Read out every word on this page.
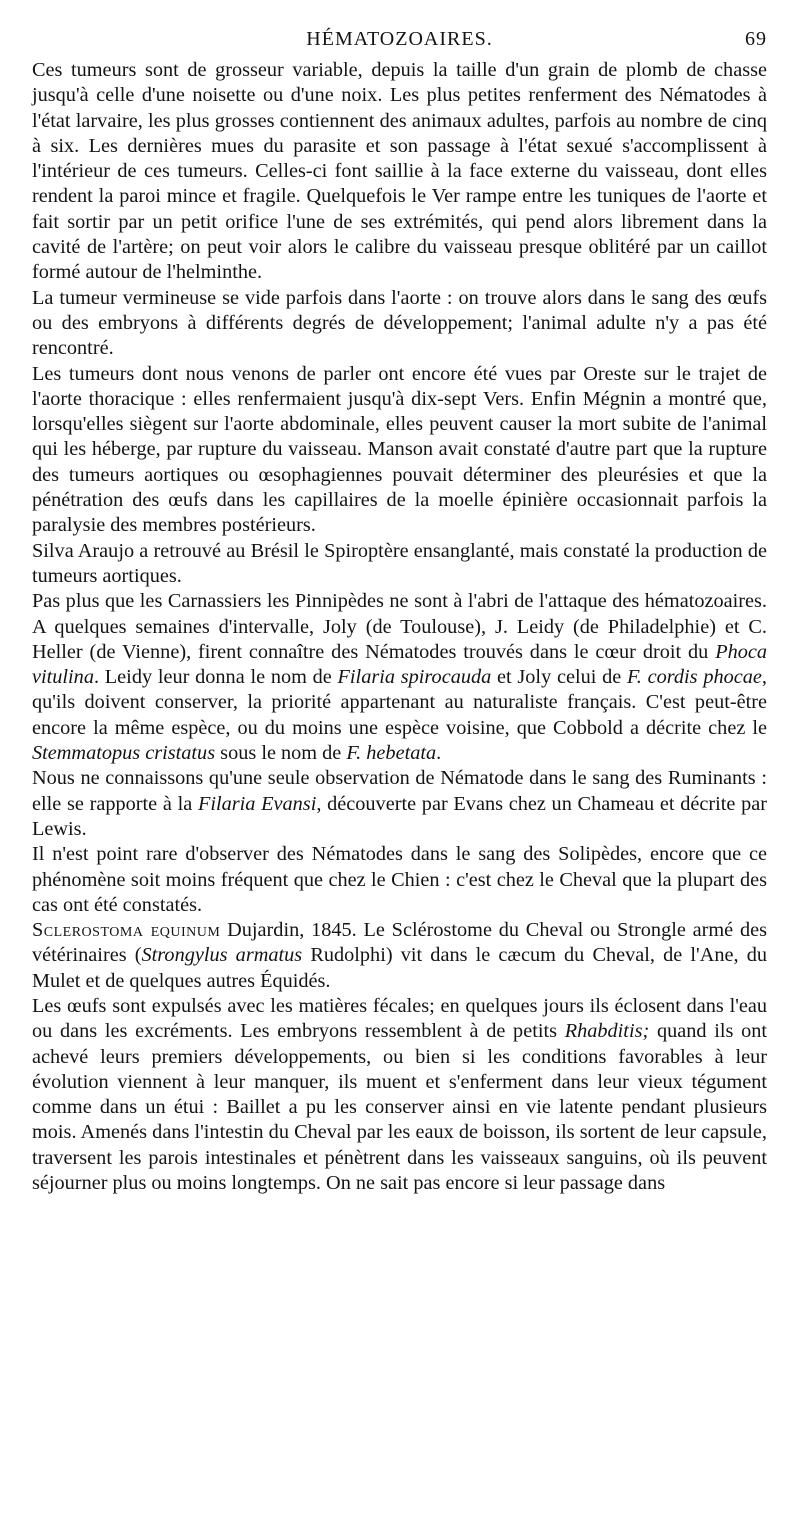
HÉMATOZOAIRES.	69

Ces tumeurs sont de grosseur variable, depuis la taille d'un grain de plomb de chasse jusqu'à celle d'une noisette ou d'une noix. Les plus petites renferment des Nématodes à l'état larvaire, les plus grosses contiennent des animaux adultes, parfois au nombre de cinq à six. Les dernières mues du parasite et son passage à l'état sexué s'accomplissent à l'intérieur de ces tumeurs. Celles-ci font saillie à la face externe du vaisseau, dont elles rendent la paroi mince et fragile. Quelquefois le Ver rampe entre les tuniques de l'aorte et fait sortir par un petit orifice l'une de ses extrémités, qui pend alors librement dans la cavité de l'artère; on peut voir alors le calibre du vaisseau presque oblitéré par un caillot formé autour de l'helminthe.

La tumeur vermineuse se vide parfois dans l'aorte : on trouve alors dans le sang des œufs ou des embryons à différents degrés de développement; l'animal adulte n'y a pas été rencontré.

Les tumeurs dont nous venons de parler ont encore été vues par Oreste sur le trajet de l'aorte thoracique : elles renfermaient jusqu'à dix-sept Vers. Enfin Mégnin a montré que, lorsqu'elles siègent sur l'aorte abdominale, elles peuvent causer la mort subite de l'animal qui les héberge, par rupture du vaisseau. Manson avait constaté d'autre part que la rupture des tumeurs aortiques ou œsophagiennes pouvait déterminer des pleurésies et que la pénétration des œufs dans les capillaires de la moelle épinière occasionnait parfois la paralysie des membres postérieurs.

Silva Araujo a retrouvé au Brésil le Spiroptère ensanglanté, mais constaté la production de tumeurs aortiques.

Pas plus que les Carnassiers les Pinnipèdes ne sont à l'abri de l'attaque des hématozoaires. A quelques semaines d'intervalle, Joly (de Toulouse), J. Leidy (de Philadelphie) et C. Heller (de Vienne), firent connaître des Nématodes trouvés dans le cœur droit du Phoca vitulina. Leidy leur donna le nom de Filaria spirocauda et Joly celui de F. cordis phocae, qu'ils doivent conserver, la priorité appartenant au naturaliste français. C'est peut-être encore la même espèce, ou du moins une espèce voisine, que Cobbold a décrite chez le Stemmatopus cristatus sous le nom de F. hebetata.

Nous ne connaissons qu'une seule observation de Nématode dans le sang des Ruminants : elle se rapporte à la Filaria Evansi, découverte par Evans chez un Chameau et décrite par Lewis.

Il n'est point rare d'observer des Nématodes dans le sang des Solipèdes, encore que ce phénomène soit moins fréquent que chez le Chien : c'est chez le Cheval que la plupart des cas ont été constatés.

Sclerostoma equinum Dujardin, 1845. Le Sclérostome du Cheval ou Strongle armé des vétérinaires (Strongylus armatus Rudolphi) vit dans le cæcum du Cheval, de l'Ane, du Mulet et de quelques autres Équidés.

Les œufs sont expulsés avec les matières fécales; en quelques jours ils éclosent dans l'eau ou dans les excréments. Les embryons ressemblent à de petits Rhabditis; quand ils ont achevé leurs premiers développements, ou bien si les conditions favorables à leur évolution viennent à leur manquer, ils muent et s'enferment dans leur vieux tégument comme dans un étui : Baillet a pu les conserver ainsi en vie latente pendant plusieurs mois. Amenés dans l'intestin du Cheval par les eaux de boisson, ils sortent de leur capsule, traversent les parois intestinales et pénètrent dans les vaisseaux sanguins, où ils peuvent séjourner plus ou moins longtemps. On ne sait pas encore si leur passage dans
